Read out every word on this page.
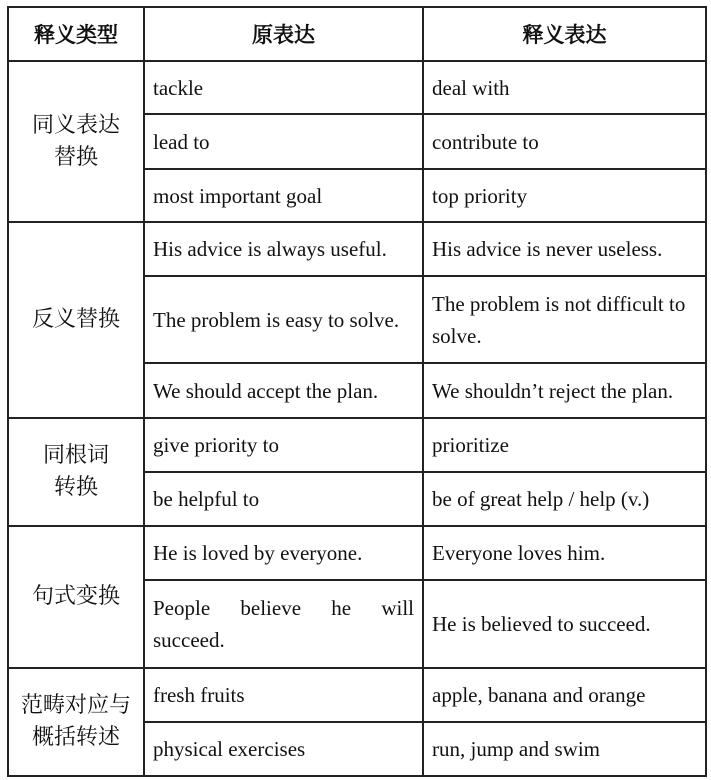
释义类型	原表达	释义表达
同义表达
替换	tackle	deal with
	lead to	contribute to
	most important goal	top priority
反义替换	His advice is always useful.	His advice is never useless.
	The problem is easy to solve.	The problem is not difficult to solve.
	We should accept the plan.	We shouldn’t reject the plan.
同根词
转换	give priority to	prioritize
	be helpful to	be of great help / help (v.)
句式变换	He is loved by everyone.	Everyone loves him.
	People believe he will succeed.	He is believed to succeed.
范畴对应与
概括转述	fresh fruits	apple, banana and orange
	physical exercises	run, jump and swim
